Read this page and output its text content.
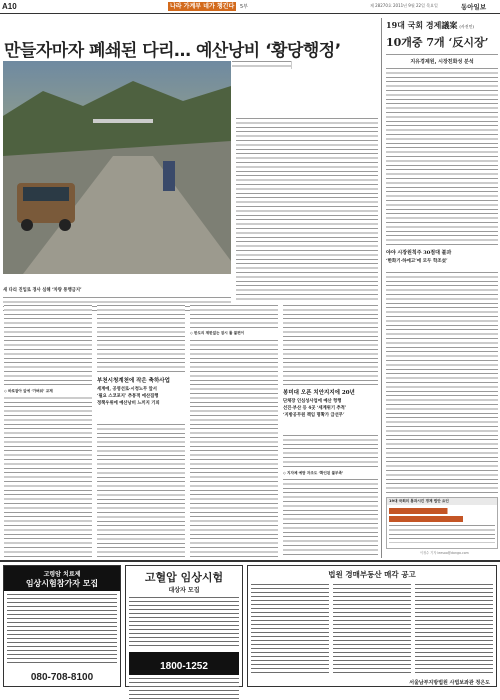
A10	나라 가계부 네가 챙긴다	5부	제 28270호 2011년 9월 22일 목요일	동아일보
만들자마자 폐쇄된 다리… 예산낭비 ‘황당행정’
새 다리 진입로 경사 심해 ‘차량 통행금지’
◇ 바로잡아 앞에 ‘가벼워’ 교제
부천시청계천에 작은 축하사업
세계에, 공영선로·시청노무 앞서
‘필요 스코포지’ 추봉적 에산집행
정책우위에 예산낭비 느끼지 기피
◇ 한도의 제한없는 잠시 틀 불편이
봉미대 오픈 치안지지에 20년
단체장 인심성사업에 예산 헝행
선진·부산 등 4곳 ‘세계위기 추적’
‘지방공무원 책임 명확가 급선무’
◇ 지자체 예탐 자조도 ‘확인된 불부족’
19대 국회 경제議案 (사진인)
10개중 7개 ‘反시장’
지유경제원, 시장친화성 분석
야야 시장원칙주 30점대 불과
‘한화기·하에고’에 모두 학조섰’
19대 국회의 통과시킨 경제 법안 요인
이정수 기자 leesoo@donga.com
고령암 치료제
임상시험참가자 모집
080-708-8100
고혈압 임상시험
대상자 모집
1800-1252
법원 경매부동산 매각 공고
서울남부지방법원 사법보좌관 정은도
